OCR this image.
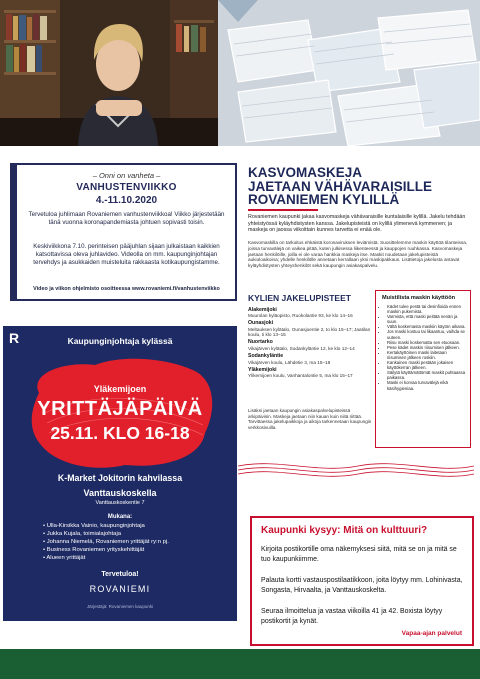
– Onni on vanheta –
VANHUSTENVIIKKO
4.-11.10.2020
Tervetuloa juhlimaan Rovaniemen vanhustenviikkoa! Viikko järjestetään tänä vuonna koronapandemiasta johtuen sopivasti toisin.
Keskiviikkona 7.10. perinteisen pääjuhlan sijaan julkaistaan kaikkien katsottavissa oleva juhlavideo. Videolla on mm. kaupunginjohtajan tervehdys ja asukkaiden muisteluita rakkaasta kotikaupungistamme.
Video ja viikon ohjelmisto osoitteessa www.rovaniemi.fi/vanhustenviikko
KASVOMASKEJA
JAETAAN VÄHÄVARAISILLE
ROVANIEMEN KYLILLÄ
Rovaniemen kaupunki jakaa kasvomaskeja vähävaraisille kuntalaisille kylillä. Jakelu tehdään yhteistyössä kyläyhdistysten kanssa. Jakelupisteistä on kylillä ylimenevä kymmenen; ja maskeja on jaossa viikoittain kunnes tarvetta ei enää ole.
Kasvomaskilla on tarkoitus ehkäistä koronaviruksen leviämistä. Suosittelemme maskin käyttöä tilanteissa, joissa turvavälejä on vaikea pitää, kuten julkisessa liikenteessä ja kauppojen ruuhkassa. Kasvomaskeja jaetaan henkilöille, joilla ei ole varaa hankkia maskeja itse. Maskit noudetaan jakelupisteistä aukioloaikoina; yhdelle henkilölle annetaan kerrallaan yksi maskipakkaus. Lisätietoja jakelusta antavat kyläyhdistysten yhteyshenkilöt sekä kaupungin asiakaspalvelu.
KYLIEN JAKELUPISTEET
Alakemijoki
Muurolan kyläopisto, Ruokolantie 93, ke klo 14–16
Ounasjoki
Meltauksen kylätalo, Ounasjoentie 2, to klo 15–17; Jaatilan koulu, ti klo 13–15
Nuortarko
Vikajärven kylätalo, Sodankyläntie 12, ke klo 12–14
Sodankyläntie
Vikajärven koulu, Lähdetie 3, ma 15–18
Yläkemijoki
Ylikemijoen koulu, Vanhantalontie 5, ma klo 15–17
Lisäksi jaetaan kaupungin asiakaspalvelupisteissä arkipäivisin. Maskeja jaetaan niin kauan kuin niitä riittää. Tarvittaessa jakelupaikkoja ja aikoja tarkennetaan kaupungin verkkosivuilla.
Muistilista maskin käyttöön
• Kädet tulee pestä tai desinfioida ennen maskin pukemista.
• Varmista, että maski peittää nenän ja suun.
• Vältä koskemasta maskiin käytön aikana.
• Jos maski kostuu tai likaantuu, vaihda se uuteen.
• Riisu maski koskematta sen etuosaan.
• Pese kädet maskin riisumisen jälkeen.
• Kertakäyttöinen maski laitetaan riisumisen jälkeen roskiin.
• Kankainen maski pestään jokaisen käyttökerran jälkeen.
• Säilytä käyttämättömät maskit puhtaassa paikassa.
• Maski ei korvaa turvavälejä eikä käsihygieniaa.
R	Kaupunginjohtaja kylässä
Yläkemijoen
YRITTÄJÄPÄIVÄ
25.11. KLO 16-18
K-Market Jokitorin kahvilassa
Vanttauskoskella
Vanttauskoskentie 7
Mukana:
• Ulla-Kirsikka Vainio, kaupunginjohtaja
• Jukka Kujala, toimialajohtaja
• Johanna Niemelä, Rovaniemen yrittäjät ry:n pj.
• Business Rovaniemen yrityskehittäjät
• Alueen yrittäjät
Tervetuloa!
ROVANIEMI
Järjestäjä: Rovaniemen kaupunki
Kaupunki kysyy: Mitä on kulttuuri?
Kirjoita postikortille oma näkemyksesi siitä, mitä se on ja mitä se tuo kaupunkiimme.
Palauta kortti vastauspostilaatikkoon, joita löytyy mm. Lohinivasta, Songasta, Hirvaalta, ja Vanttauskoskelta.
Seuraa ilmoittelua ja vastaa viikoilla 41 ja 42. Boxista löytyy postikortit ja kynät.
Vapaa-ajan palvelut
